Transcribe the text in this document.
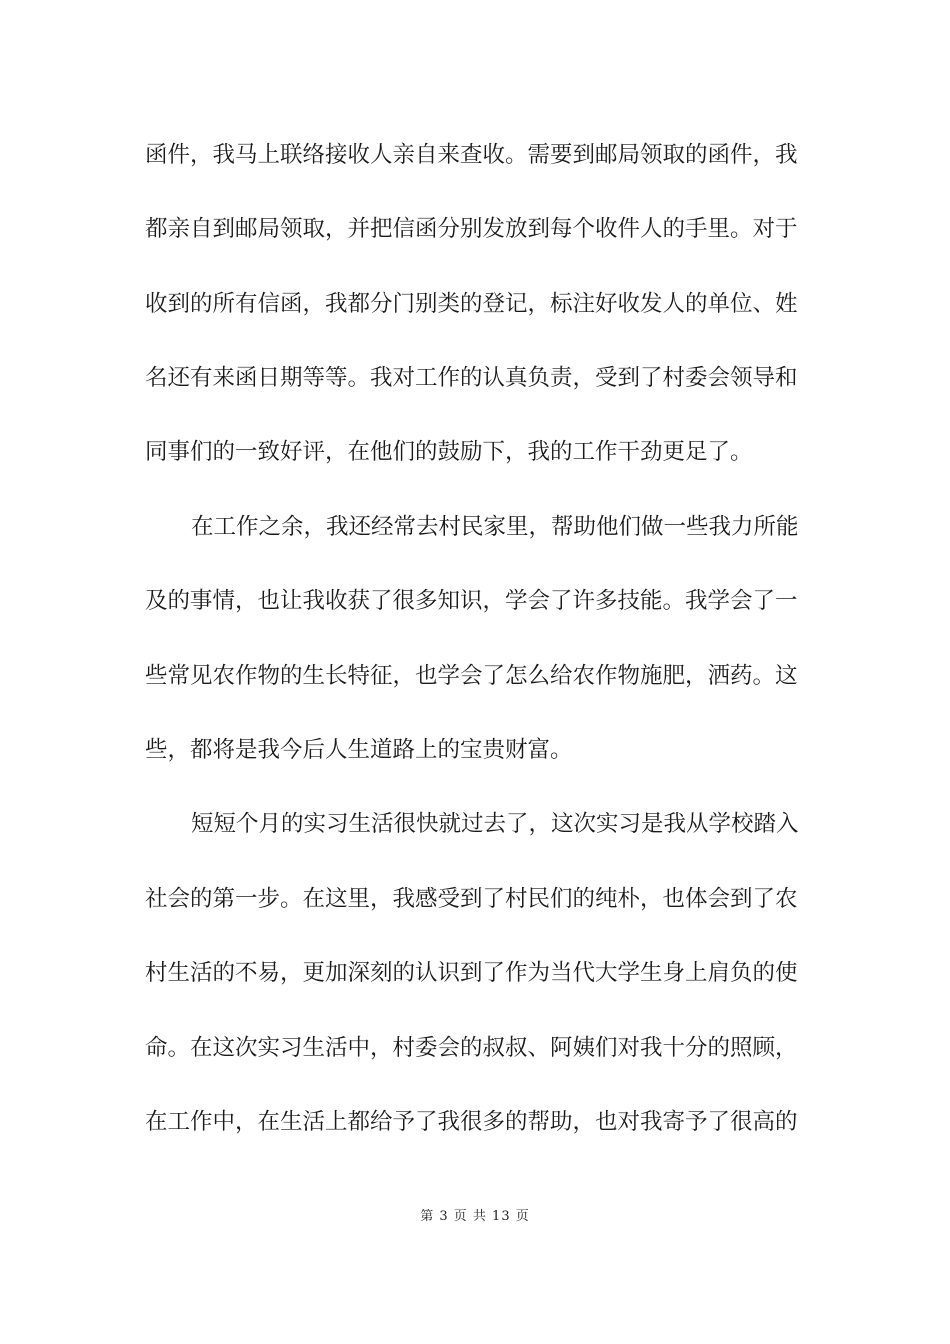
函件，我马上联络接收人亲自来查收。需要到邮局领取的函件，我
都亲自到邮局领取，并把信函分别发放到每个收件人的手里。对于
收到的所有信函，我都分门别类的登记，标注好收发人的单位、姓
名还有来函日期等等。我对工作的认真负责，受到了村委会领导和
同事们的一致好评，在他们的鼓励下，我的工作干劲更足了。
在工作之余，我还经常去村民家里，帮助他们做一些我力所能
及的事情，也让我收获了很多知识，学会了许多技能。我学会了一
些常见农作物的生长特征，也学会了怎么给农作物施肥，洒药。这
些，都将是我今后人生道路上的宝贵财富。
短短个月的实习生活很快就过去了，这次实习是我从学校踏入
社会的第一步。在这里，我感受到了村民们的纯朴，也体会到了农
村生活的不易，更加深刻的认识到了作为当代大学生身上肩负的使
命。在这次实习生活中，村委会的叔叔、阿姨们对我十分的照顾，
在工作中，在生活上都给予了我很多的帮助，也对我寄予了很高的
第 3 页 共 13 页
